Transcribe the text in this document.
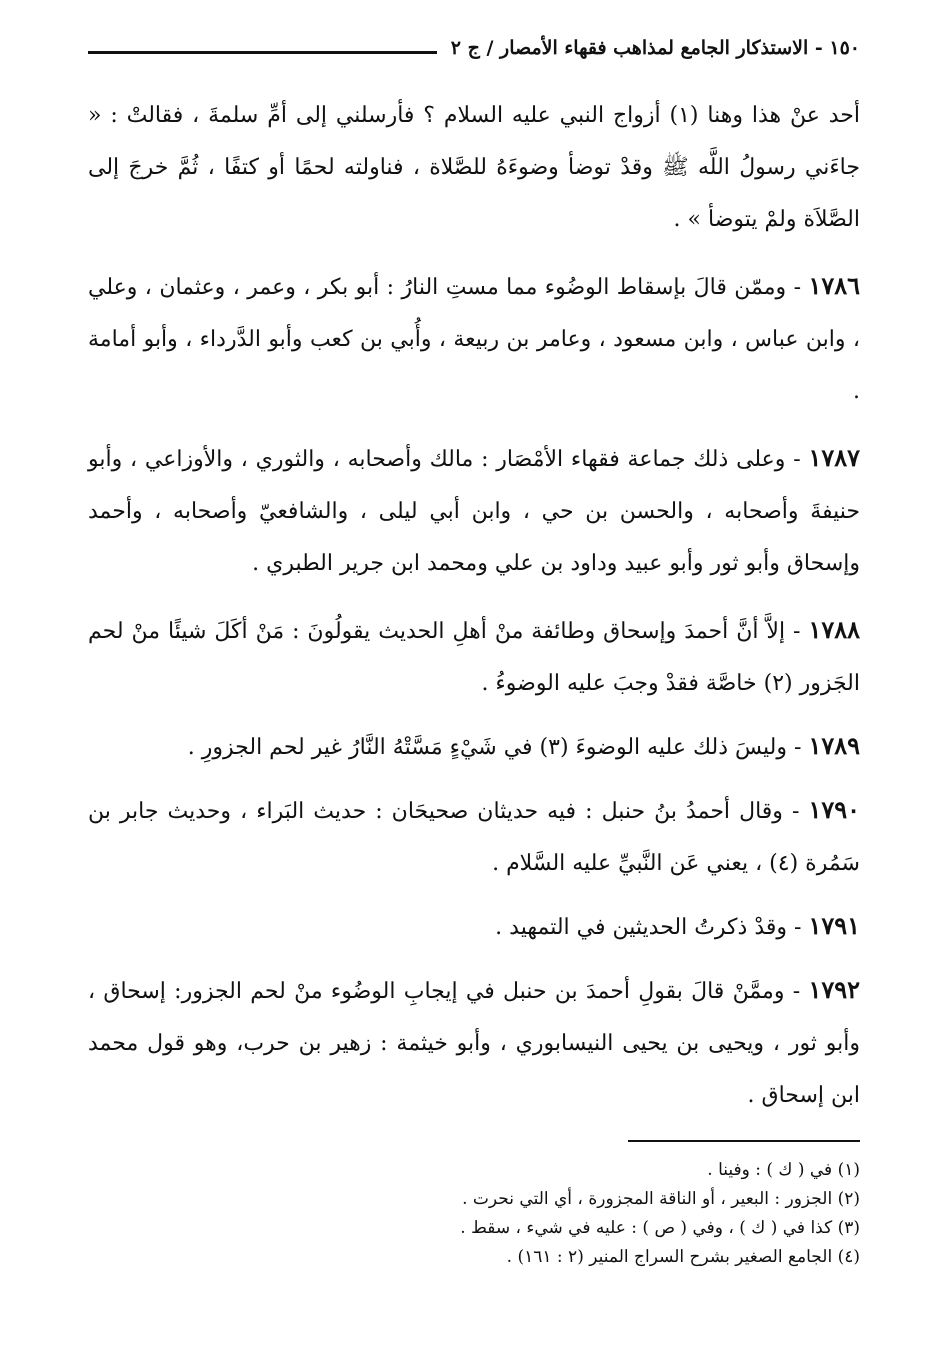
١٥٠ - الاستذكار الجامع لمذاهب فقهاء الأمصار / ج ٢

أحد عنْ هذا وهنا (١) أزواج النبي عليه السلام ؟ فأرسلني إلى أمِّ سلمةَ ، فقالتْ : « جاءَني رسولُ اللَّه ﷺ وقدْ توضأ وضوءَهُ للصَّلاة ، فناولته لحمًا أو كتفًا ، ثُمَّ خرجَ إلى الصَّلاَة ولمْ يتوضأ » .

١٧٨٦ - وممّن قالَ بإسقاط الوضُوء مما مستِ النارُ : أبو بكر ، وعمر ، وعثمان ، وعلي ، وابن عباس ، وابن مسعود ، وعامر بن ربيعة ، وأُبي بن كعب وأبو الدَّرداء ، وأبو أمامة .

١٧٨٧ - وعلى ذلك جماعة فقهاء الأمْصَار : مالك وأصحابه ، والثوري ، والأوزاعي ، وأبو حنيفةَ وأصحابه ، والحسن بن حي ، وابن أبي ليلى ، والشافعيّ وأصحابه ، وأحمد وإسحاق وأبو ثور وأبو عبيد وداود بن علي ومحمد ابن جرير الطبري .

١٧٨٨ - إلاَّ أنَّ أحمدَ وإسحاق وطائفة منْ أهلِ الحديث يقولُونَ : مَنْ أكَلَ شيئًا منْ لحم الجَزور (٢) خاصَّة فقدْ وجبَ عليه الوضوءُ .

١٧٨٩ - وليسَ ذلك عليه الوضوءَ (٣) في شَيْءٍ مَسَّتْهُ النَّارُ غير لحم الجزورِ .

١٧٩٠ - وقال أحمدُ بنُ حنبل : فيه حديثان صحيحَان : حديث البَراء ، وحديث جابر بن سَمُرة (٤) ، يعني عَن النَّبيِّ عليه السَّلام .

١٧٩١ - وقدْ ذكرتُ الحديثين في التمهيد .

١٧٩٢ - وممَّنْ قالَ بقولِ أحمدَ بن حنبل في إيجابِ الوضُوء منْ لحم الجزور: إسحاق ، وأبو ثور ، ويحيى بن يحيى النيسابوري ، وأبو خيثمة : زهير بن حرب، وهو قول محمد ابن إسحاق .

(١) في ( ك ) : وفينا .
(٢) الجزور : البعير ، أو الناقة المجزورة ، أي التي نحرت .
(٣) كذا في ( ك ) ، وفي ( ص ) : عليه في شيء ، سقط .
(٤) الجامع الصغير بشرح السراج المنير (٢ : ١٦١) .
